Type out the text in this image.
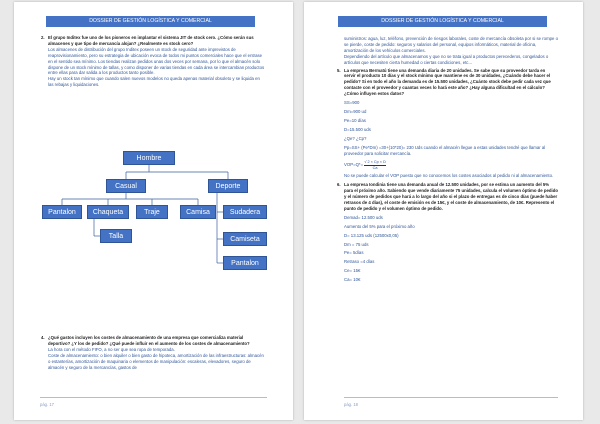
DOSSIER DE GESTIÓN LOGÍSTICA Y COMERCIAL
2. El grupo Inditex fue uno de los pioneros en implantar el sistema JIT de stock cero. ¿Cómo serán sus almacenes y que tipo de mercancía alojan? ¿Realmente es stock cero?
Los almacenes de distribución del grupo Inditex poseen un stock de seguridad ante imprevistos de reaprovisionamiento, pero su estrategia de ubicación evoca de todos mi puntos comerciales hace que el entrase en el sentido sea mínimo. Los tiendas realizan pedidos unas dos veces por semana, por lo que el almacén solo dispone de un stock mínimo de tallas, y como disponer de varias tiendas en cada área se intercambian productos entre ellas para dar salida a los productos tanto posible.
Hay un stock tan mínimo que cuando salen nuevos modelos no queda apenas material obsoleto y se liquida en las rebajas y liquidaciones.
Hombre
Casual	Deporte
Pantalon	Chaqueta	Traje	Camisa
Talla
Sudadera
Camiseta
Pantalon
4. ¿Qué gastos incluyen los costes de almacenamiento de una empresa que comercializa material deportivo? ¿Y los de pedido? ¿Qué puede influir en el aumento de los costes de almacenamiento?
La hora con el método FIFO, a no ser que sea ropa de temporada.
Coste de almacenamiento: o bien alquiler o bien gasto de hipoteca, amortización de las infraestructuras: almacén o estanterías, amortización de maquinaria o elementos de manipulación: escaleras, elevadores, seguro de almacén y seguro de la mercancías, gastos de
pág. 17
DOSSIER DE GESTIÓN LOGÍSTICA Y COMERCIAL
suministros: agua, luz, teléfono, prevención de riesgos laborales, coste de mercancía obsoleta por si se rompe o se pierde, coste de pedido: seguros y salarios del personal, equipos informáticos, material de oficina, amortización de los vehículos comerciales.
Dependiendo del artículo que almacenamos y que no se trata igual a productos perecederos, congelados o artículos que necesiten cierta humedad o ciertas condiciones, etc...
5. La empresa Bermatú tiene una demanda diaria de 20 unidades. Se sabe que su proveedor tarda en servir el producto 10 días y el stock mínimo que mantiene es de 30 unidades, ¿Cuándo debe hacer el pedido? Si en todo el año la demanda es de 15.500 unidades, ¿Cuánto stock debe pedir cada vez que contacte con el proveedor y cuantas veces lo hará este año? ¿Hay alguna dificultad en el cálculo? ¿Cómo influyen estos datos?
SS=900
Dm=900 ud
Pe=10 días
D=15.500 uds
¿Qe? ¿Cp?
Pp=SS+ (Pe*Dm) =30+(10*20)= 230 Uds cuando el almacén llegue a estas unidades tendré que llamar al proveedor para solicitar mercancía.
$VOP=Q*= \frac{√ 2 \times Cp \times D}{Ca}$
No se puede calcular el VOP puesto que no conocemos los costes asociados al pedido ni al almacenamiento.
6. La empresa Iondinia tiene una demanda anual de 12.500 unidades, por se estima un aumento del 5% para el próximo año. Sabiendo que vende diariamente 75 unidades, calcula el volumen óptimo de pedido y el número de pedidos que hará a lo largo del año si el plazo de entregas es de cinco días (puede haber retrasos de 4 días), el coste de emisión es de 15€, y el coste de almacenamiento, de 10€. Represento el punto de pedido y el volumen óptimo de pedido.
Demad= 12.500 uds
Aumento del 5% para el próximo año
D= 13.125 uds (12500x0,05)
Dm = 75 uds
Pe= 5días
Retraso =4 días
Ce= 15€
Ca= 10€
pág. 18
